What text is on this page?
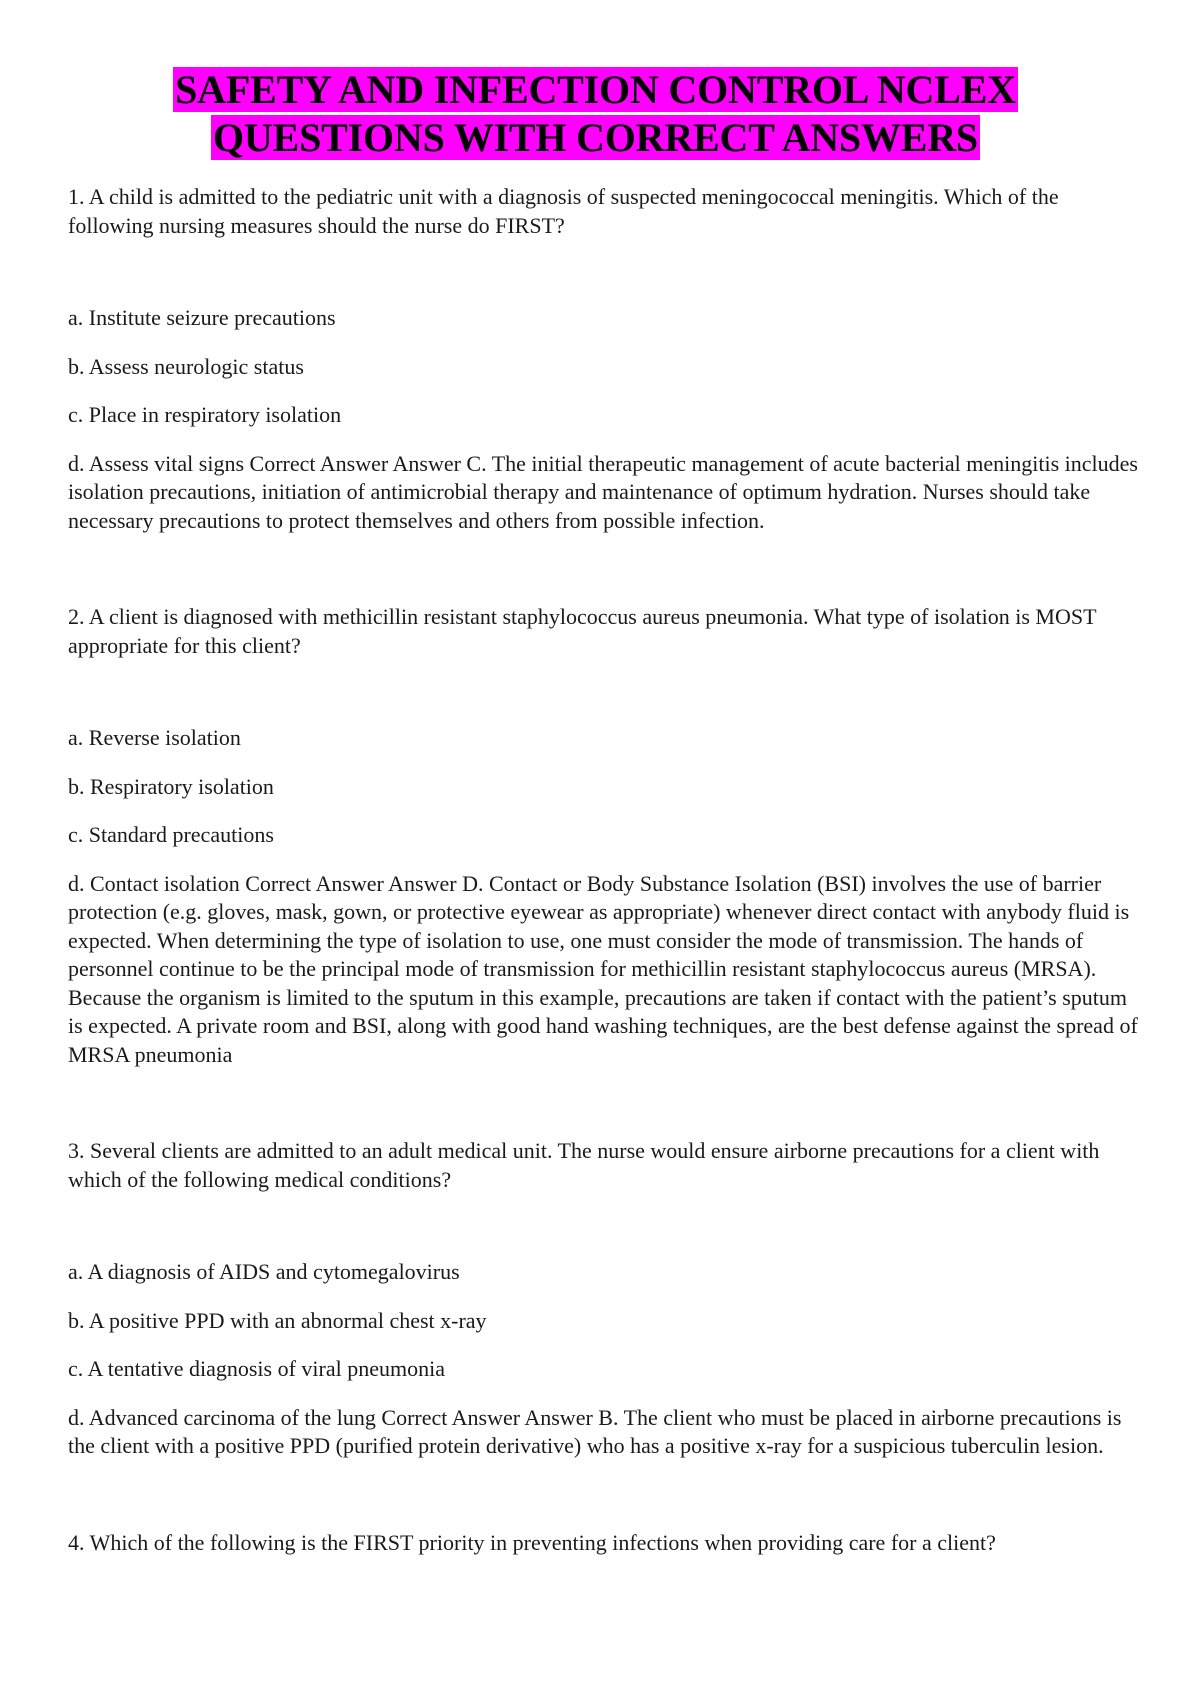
SAFETY AND INFECTION CONTROL NCLEX
QUESTIONS WITH CORRECT ANSWERS

1. A child is admitted to the pediatric unit with a diagnosis of suspected meningococcal meningitis. Which of the following nursing measures should the nurse do FIRST?

a. Institute seizure precautions

b. Assess neurologic status

c. Place in respiratory isolation

d. Assess vital signs Correct Answer Answer C. The initial therapeutic management of acute bacterial meningitis includes isolation precautions, initiation of antimicrobial therapy and maintenance of optimum hydration. Nurses should take necessary precautions to protect themselves and others from possible infection.

2. A client is diagnosed with methicillin resistant staphylococcus aureus pneumonia. What type of isolation is MOST appropriate for this client?

a. Reverse isolation

b. Respiratory isolation

c. Standard precautions

d. Contact isolation Correct Answer Answer D. Contact or Body Substance Isolation (BSI) involves the use of barrier protection (e.g. gloves, mask, gown, or protective eyewear as appropriate) whenever direct contact with anybody fluid is expected. When determining the type of isolation to use, one must consider the mode of transmission. The hands of personnel continue to be the principal mode of transmission for methicillin resistant staphylococcus aureus (MRSA). Because the organism is limited to the sputum in this example, precautions are taken if contact with the patient’s sputum is expected. A private room and BSI, along with good hand washing techniques, are the best defense against the spread of MRSA pneumonia

3. Several clients are admitted to an adult medical unit. The nurse would ensure airborne precautions for a client with which of the following medical conditions?

a. A diagnosis of AIDS and cytomegalovirus

b. A positive PPD with an abnormal chest x-ray

c. A tentative diagnosis of viral pneumonia

d. Advanced carcinoma of the lung Correct Answer Answer B. The client who must be placed in airborne precautions is the client with a positive PPD (purified protein derivative) who has a positive x-ray for a suspicious tuberculin lesion.

4. Which of the following is the FIRST priority in preventing infections when providing care for a client?
